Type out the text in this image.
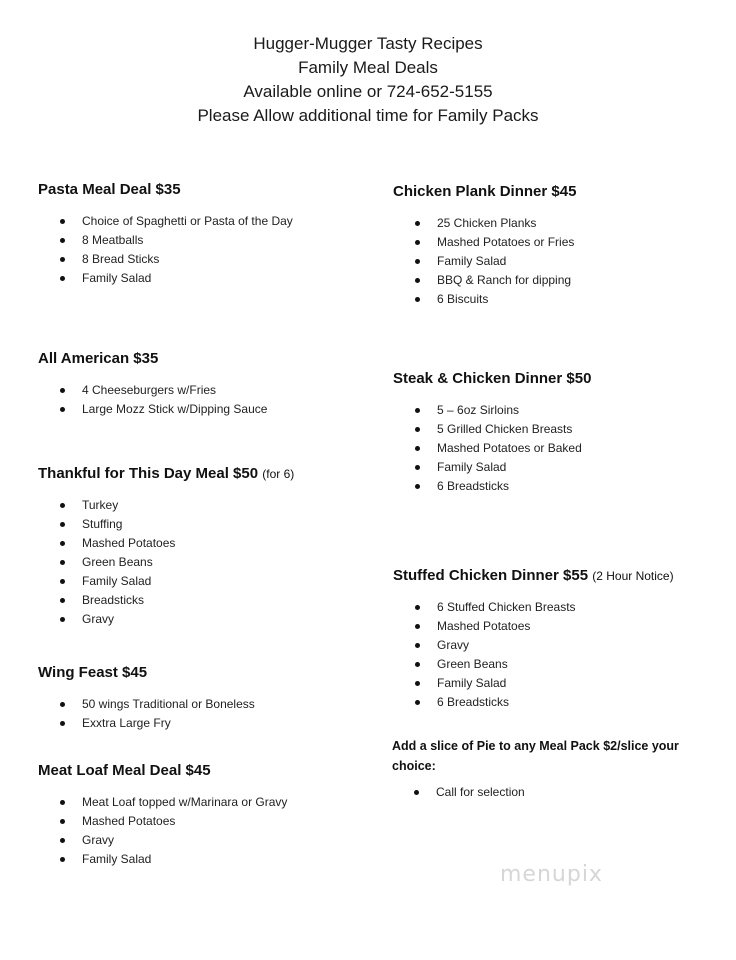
Hugger-Mugger Tasty Recipes
Family Meal Deals
Available online or 724-652-5155
Please Allow additional time for Family Packs
Pasta Meal Deal $35
Choice of Spaghetti or Pasta of the Day
8 Meatballs
8 Bread Sticks
Family Salad
All American $35
4 Cheeseburgers w/Fries
Large Mozz Stick w/Dipping Sauce
Thankful for This Day Meal $50 (for 6)
Turkey
Stuffing
Mashed Potatoes
Green Beans
Family Salad
Breadsticks
Gravy
Wing Feast $45
50 wings Traditional or Boneless
Exxtra Large Fry
Meat Loaf Meal Deal $45
Meat Loaf topped w/Marinara or Gravy
Mashed Potatoes
Gravy
Family Salad
Chicken Plank Dinner $45
25 Chicken Planks
Mashed Potatoes or Fries
Family Salad
BBQ & Ranch for dipping
6 Biscuits
Steak & Chicken Dinner $50
5 – 6oz Sirloins
5 Grilled Chicken Breasts
Mashed Potatoes or Baked
Family Salad
6 Breadsticks
Stuffed Chicken Dinner $55 (2 Hour Notice)
6 Stuffed Chicken Breasts
Mashed Potatoes
Gravy
Green Beans
Family Salad
6 Breadsticks
Add a slice of Pie to any Meal Pack $2/slice your choice:
Call for selection
menupix
